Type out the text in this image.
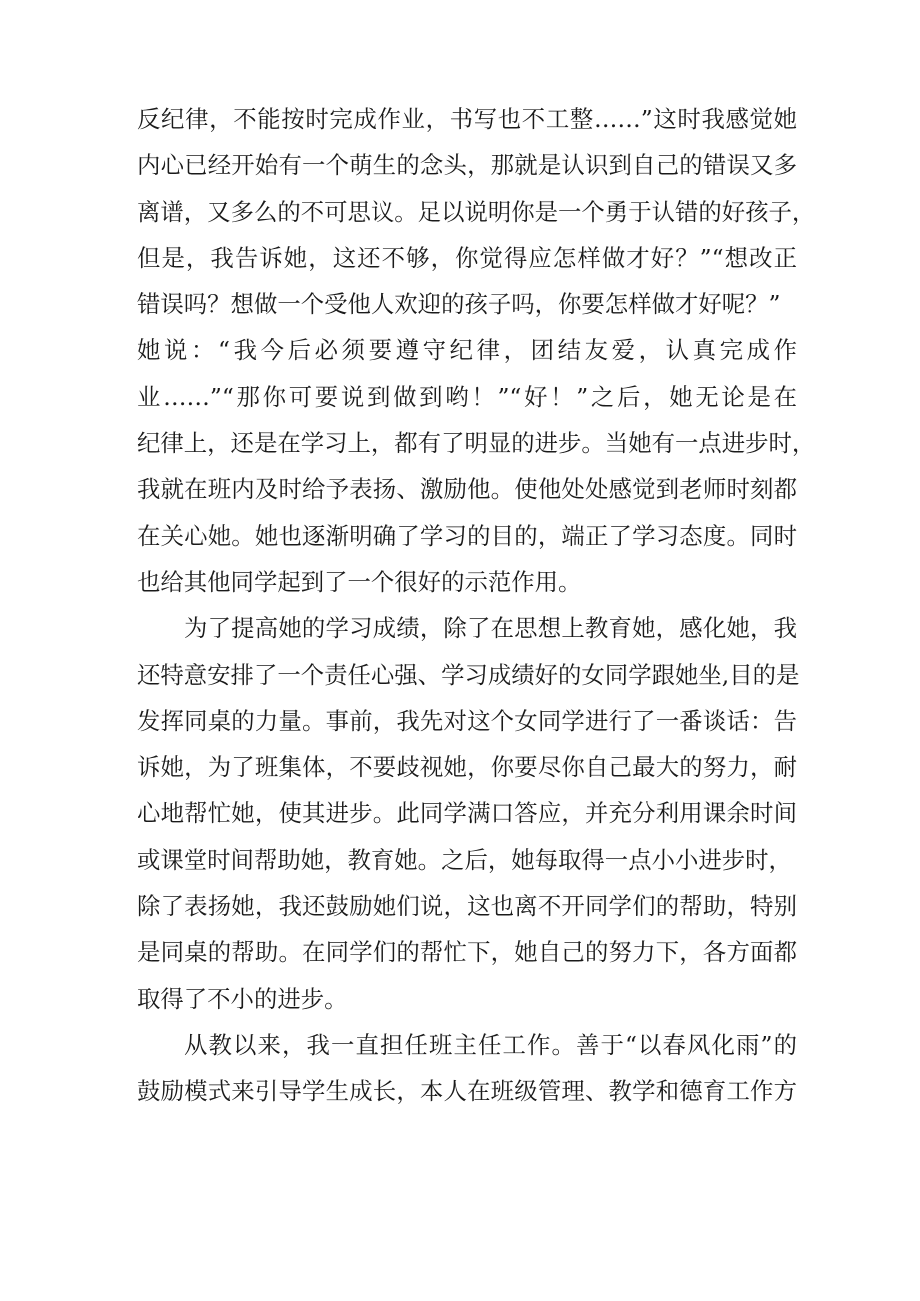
反纪律，不能按时完成作业，书写也不工整……”这时我感觉她
内心已经开始有一个萌生的念头，那就是认识到自己的错误又多
离谱，又多么的不可思议。足以说明你是一个勇于认错的好孩子，
但是，我告诉她，这还不够，你觉得应怎样做才好？”“想改正
错误吗？想做一个受他人欢迎的孩子吗，你要怎样做才好呢？”
她说：“我今后必须要遵守纪律，团结友爱，认真完成作
业……”“那你可要说到做到哟！”“好！”之后，她无论是在
纪律上，还是在学习上，都有了明显的进步。当她有一点进步时，
我就在班内及时给予表扬、激励他。使他处处感觉到老师时刻都
在关心她。她也逐渐明确了学习的目的，端正了学习态度。同时
也给其他同学起到了一个很好的示范作用。
为了提高她的学习成绩，除了在思想上教育她，感化她，我
还特意安排了一个责任心强、学习成绩好的女同学跟她坐,目的是
发挥同桌的力量。事前，我先对这个女同学进行了一番谈话：告
诉她，为了班集体，不要歧视她，你要尽你自己最大的努力，耐
心地帮忙她，使其进步。此同学满口答应，并充分利用课余时间
或课堂时间帮助她，教育她。之后，她每取得一点小小进步时，
除了表扬她，我还鼓励她们说，这也离不开同学们的帮助，特别
是同桌的帮助。在同学们的帮忙下，她自己的努力下，各方面都
取得了不小的进步。
从教以来，我一直担任班主任工作。善于“以春风化雨”的
鼓励模式来引导学生成长，本人在班级管理、教学和德育工作方
